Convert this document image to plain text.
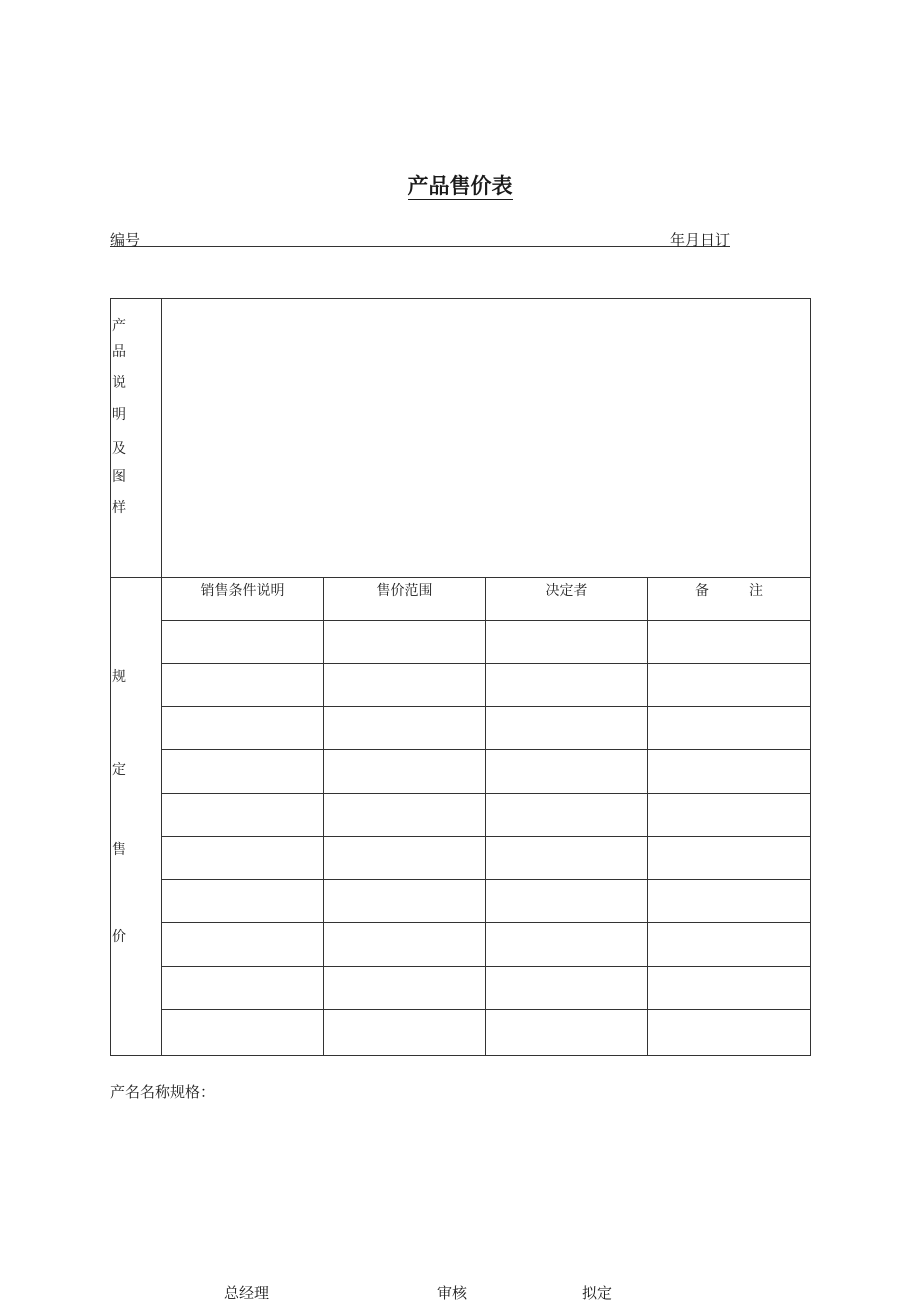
产品售价表
编号	年月日订
产
品
说
明
及
图
样
规
定
售
价
销售条件说明	售价范围	决定者	备         注
产名名称规格：
总经理	审核	拟定
